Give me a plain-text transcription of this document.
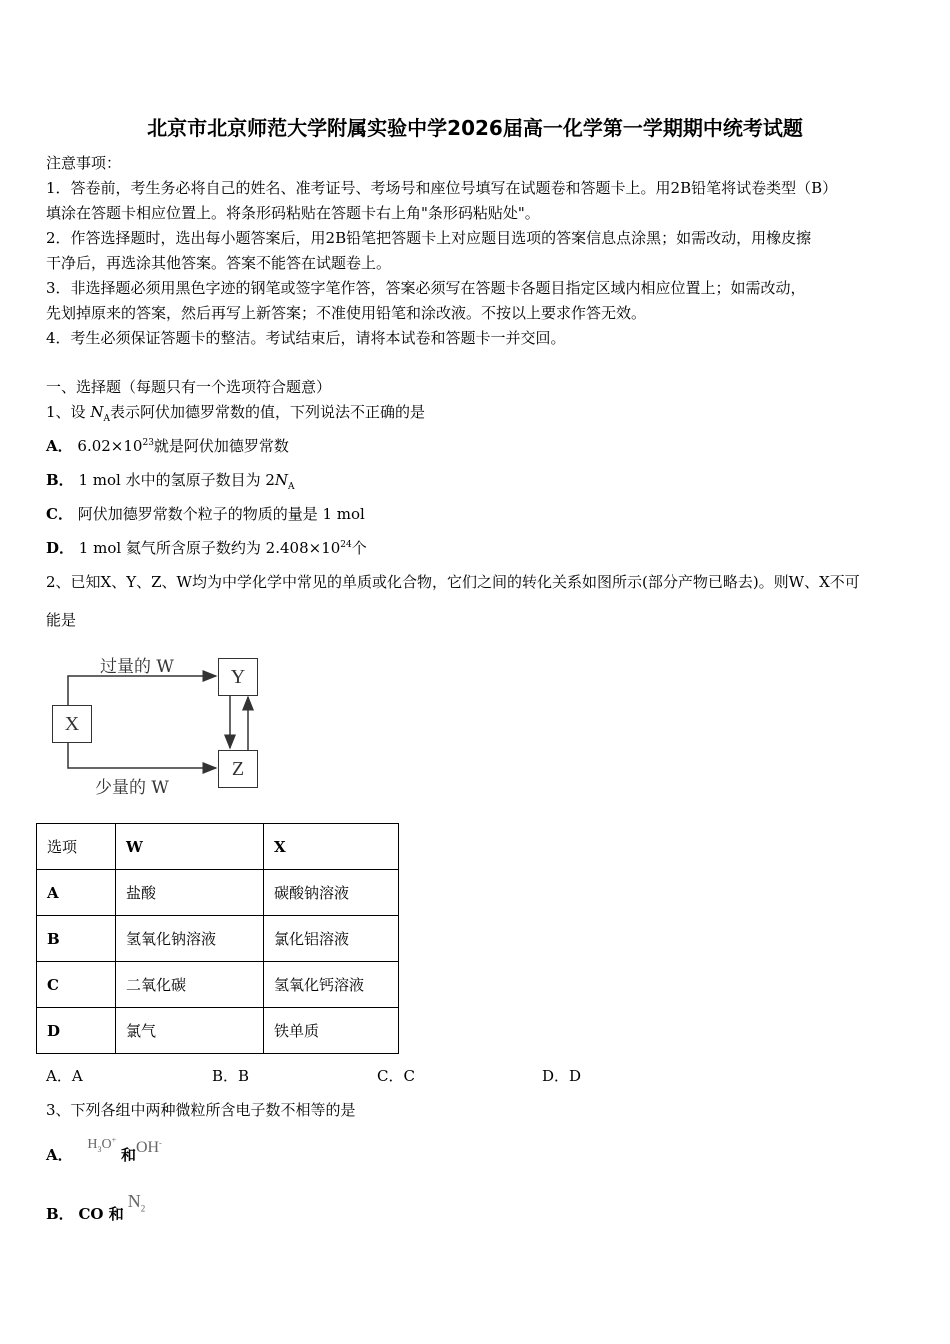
北京市北京师范大学附属实验中学2026届高一化学第一学期期中统考试题
注意事项：
1．答卷前，考生务必将自己的姓名、准考证号、考场号和座位号填写在试题卷和答题卡上。用2B铅笔将试卷类型（B）
填涂在答题卡相应位置上。将条形码粘贴在答题卡右上角"条形码粘贴处"。
2．作答选择题时，选出每小题答案后，用2B铅笔把答题卡上对应题目选项的答案信息点涂黑；如需改动，用橡皮擦
干净后，再选涂其他答案。答案不能答在试题卷上。
3．非选择题必须用黑色字迹的钢笔或签字笔作答，答案必须写在答题卡各题目指定区域内相应位置上；如需改动，
先划掉原来的答案，然后再写上新答案；不准使用铅笔和涂改液。不按以上要求作答无效。
4．考生必须保证答题卡的整洁。考试结束后，请将本试卷和答题卡一并交回。
一、选择题（每题只有一个选项符合题意）
1、设 $N_A$表示阿伏加德罗常数的值，下列说法不正确的是
A． $6.02\times 10^{23}$就是阿伏加德罗常数
B． 1 mol 水中的氢原子数目为 $2N_A$
C． 阿伏加德罗常数个粒子的物质的量是 1 mol
D． 1 mol 氦气所含原子数约为 $2.408\times 10^{24}$个
2、已知X、Y、Z、W均为中学化学中常见的单质或化合物，它们之间的转化关系如图所示(部分产物已略去)。则W、X不可
能是
X
Y
Z
过量的 W
少量的 W
选项	W	X
A	盐酸	碳酸钠溶液
B	氢氧化钠溶液	氯化铝溶液
C	二氧化碳	氢氧化钙溶液
D	氯气	铁单质
A．A	B．B	C．C	D．D
3、下列各组中两种微粒所含电子数不相等的是
A． $H_3O^+$ 和OH-
B． CO 和$N_2$
